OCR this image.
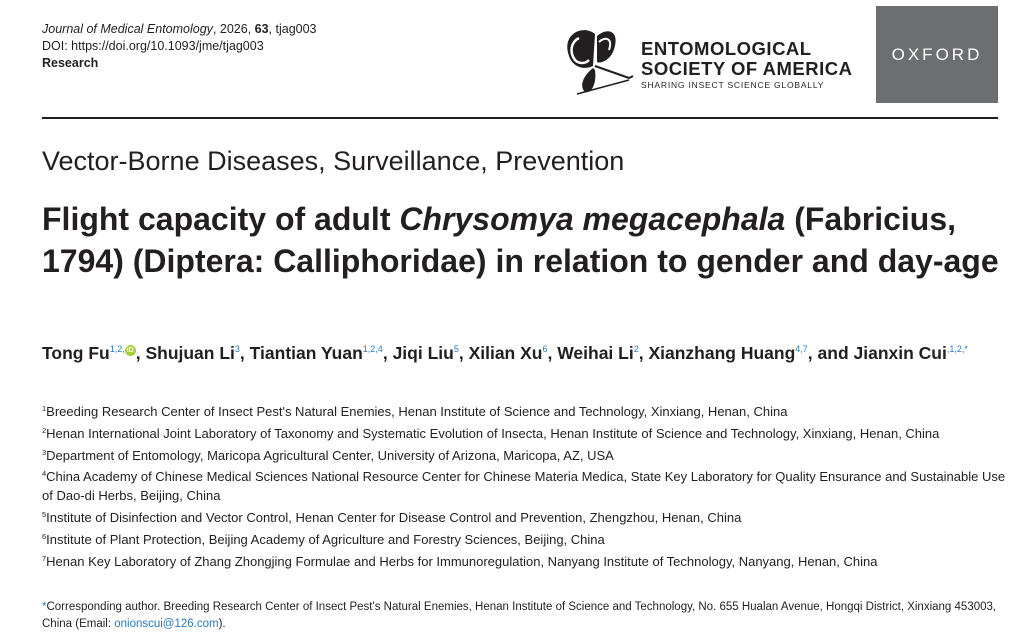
Journal of Medical Entomology, 2026, 63, tjag003
DOI: https://doi.org/10.1093/jme/tjag003
Research
ENTOMOLOGICAL
SOCIETY OF AMERICA
SHARING INSECT SCIENCE GLOBALLY
OXFORD
Vector-Borne Diseases, Surveillance, Prevention
Flight capacity of adult Chrysomya megacephala (Fabricius, 1794) (Diptera: Calliphoridae) in relation to gender and day-age
Tong $Fu^{1,2,}$ iD , Shujuan Li$^3$, Tiantian Yuan$^{1,2,4}$, Jiqi Liu$^5$, Xilian Xu$^6$, Weihai Li$^2$, Xianzhang Huang$^{4,7}$, and Jianxin Cui$^{,1,2,*}$
$^1$Breeding Research Center of Insect Pest's Natural Enemies, Henan Institute of Science and Technology, Xinxiang, Henan, China
$^2$Henan International Joint Laboratory of Taxonomy and Systematic Evolution of Insecta, Henan Institute of Science and Technology, Xinxiang, Henan, China
$^3$Department of Entomology, Maricopa Agricultural Center, University of Arizona, Maricopa, AZ, USA
$^4$China Academy of Chinese Medical Sciences National Resource Center for Chinese Materia Medica, State Key Laboratory for Quality Ensurance and Sustainable Use of Dao-di Herbs, Beijing, China
$^5$Institute of Disinfection and Vector Control, Henan Center for Disease Control and Prevention, Zhengzhou, Henan, China
$^6$Institute of Plant Protection, Beijing Academy of Agriculture and Forestry Sciences, Beijing, China
$^7$Henan Key Laboratory of Zhang Zhongjing Formulae and Herbs for Immunoregulation, Nanyang Institute of Technology, Nanyang, Henan, China
*Corresponding author. Breeding Research Center of Insect Pest's Natural Enemies, Henan Institute of Science and Technology, No. 655 Hualan Avenue, Hongqi District, Xinxiang 453003, China (Email: onionscui@126.com).
